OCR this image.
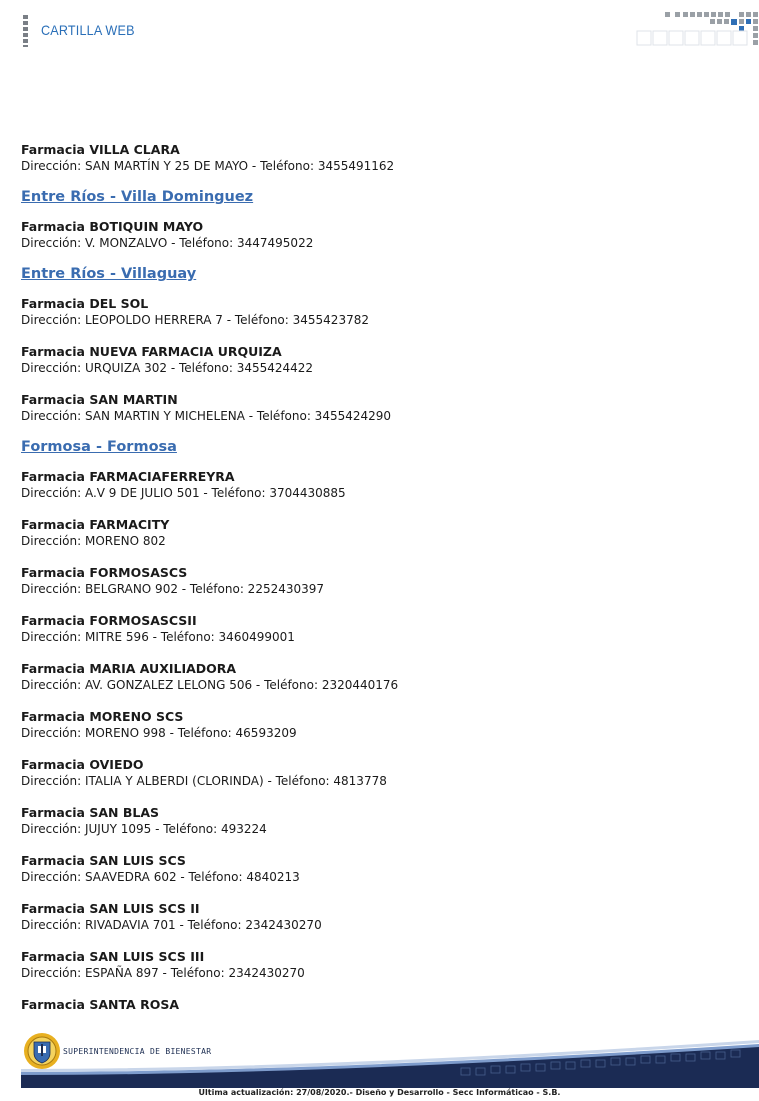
CARTILLA WEB
Farmacia VILLA CLARA
Dirección: SAN MARTÍN Y 25 DE MAYO - Teléfono: 3455491162
Entre Ríos - Villa Dominguez
Farmacia BOTIQUIN MAYO
Dirección: V. MONZALVO - Teléfono: 3447495022
Entre Ríos - Villaguay
Farmacia DEL SOL
Dirección: LEOPOLDO HERRERA 7 - Teléfono: 3455423782
Farmacia NUEVA FARMACIA URQUIZA
Dirección: URQUIZA 302 - Teléfono: 3455424422
Farmacia SAN MARTIN
Dirección: SAN MARTIN Y MICHELENA - Teléfono: 3455424290
Formosa - Formosa
Farmacia FARMACIAFERREYRA
Dirección: A.V 9 DE JULIO 501 - Teléfono: 3704430885
Farmacia FARMACITY
Dirección: MORENO 802
Farmacia FORMOSASCS
Dirección: BELGRANO 902 - Teléfono: 2252430397
Farmacia FORMOSASCSII
Dirección: MITRE 596 - Teléfono: 3460499001
Farmacia MARIA AUXILIADORA
Dirección: AV. GONZALEZ LELONG 506 - Teléfono: 2320440176
Farmacia MORENO SCS
Dirección: MORENO 998 - Teléfono: 46593209
Farmacia OVIEDO
Dirección: ITALIA Y ALBERDI (CLORINDA) - Teléfono: 4813778
Farmacia SAN BLAS
Dirección: JUJUY 1095 - Teléfono: 493224
Farmacia SAN LUIS SCS
Dirección: SAAVEDRA 602 - Teléfono: 4840213
Farmacia SAN LUIS SCS II
Dirección: RIVADAVIA 701 - Teléfono: 2342430270
Farmacia SAN LUIS SCS III
Dirección: ESPAÑA 897 - Teléfono: 2342430270
Farmacia SANTA ROSA
SUPERINTENDENCIA DE BIENESTAR
Ultima actualización: 27/08/2020.- Diseño y Desarrollo - Secc Informáticao - S.B.
